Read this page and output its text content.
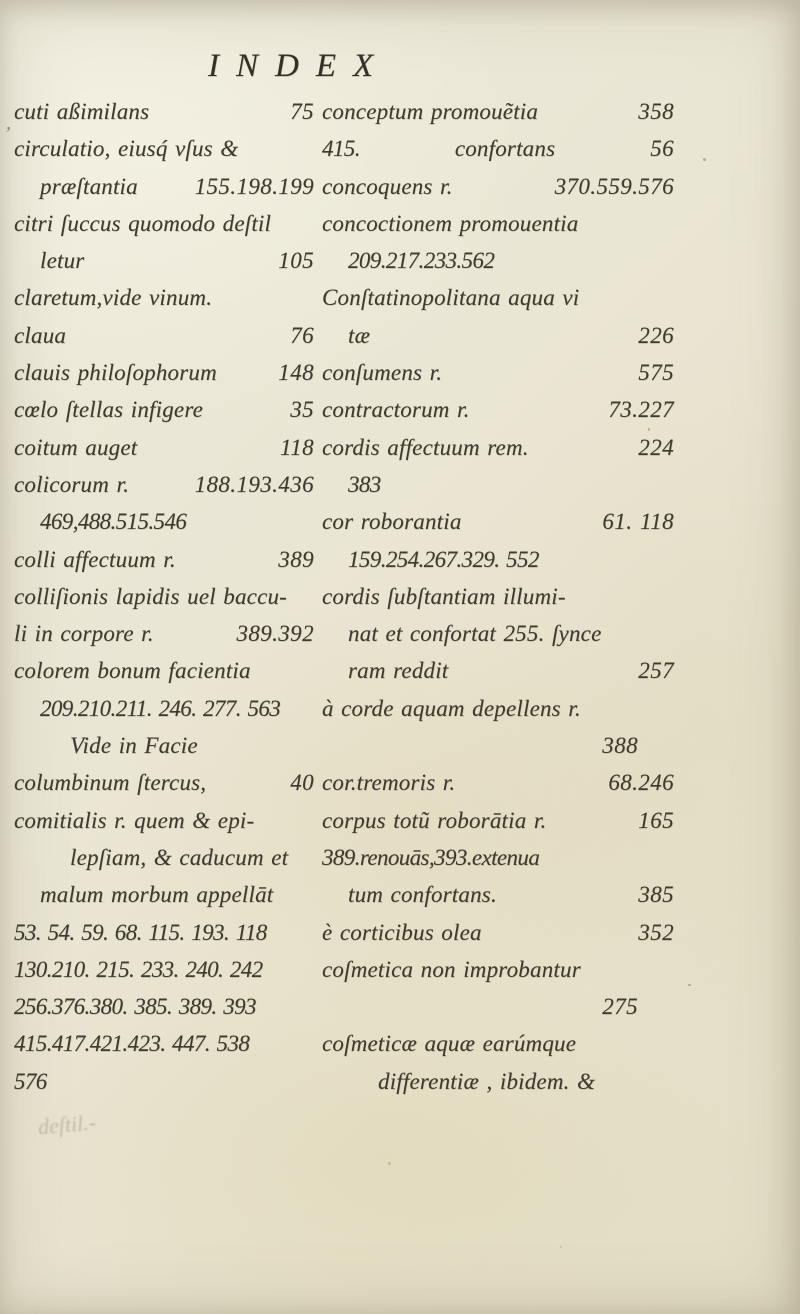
INDEX
cuti aßimilans	75
circulatio, eiusq́ vſus &
præſtantia 155.198.199
citri ſuccus quomodo deſtil
letur	105
claretum,vide vinum.
claua	76
clauis philoſophorum	148
cœlo ſtellas infigere	35
coitum auget	118
colicorum r.	188.193.436
469,488.515.546
colli affectuum r.	389
colliſionis lapidis uel baccu-
li in corpore r.	389.392
colorem bonum facientia
209.210.211. 246. 277. 563
Vide in Facie
columbinum ſtercus,	40
comitialis r. quem & epi-
lepſiam, & caducum et
malum morbum appellāt
53. 54. 59. 68. 115. 193. 118
130.210. 215. 233. 240. 242
256.376.380. 385. 389. 393
415.417.421.423. 447. 538
576
conceptum promouẽtia	358
415.	confortans	56
concoquens r.	370.559.576
concoctionem promouentia
209.217.233.562
Conſtatinopolitana aqua vi
tæ	226
conſumens r.	575
contractorum r.	73.227
cordis affectuum rem.	224
383
cor roborantia	61. 118
159.254.267.329. 552
cordis ſubſtantiam illumi-
nat et confortat 255. ſynce
ram reddit	257
à corde aquam depellens r.
388
cor.tremoris r.	68.246
corpus totũ roborātia r.	165
389.renouās,393.extenua
tum confortans.	385
è corticibus olea	352
coſmetica non improbantur
275
coſmeticæ aquæ earúmque
differentiæ , ibidem. &
deſtil.-
‚
